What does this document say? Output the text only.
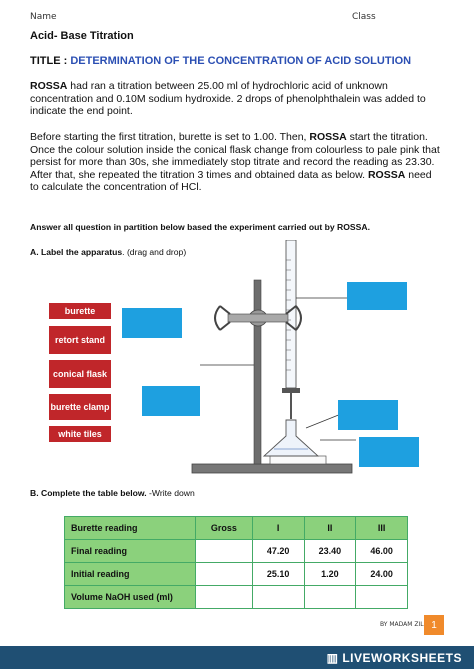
Name	Class
Acid- Base Titration
TITLE : DETERMINATION OF THE CONCENTRATION OF ACID SOLUTION
ROSSA had ran a titration between 25.00 ml of hydrochloric acid of unknown concentration and 0.10M sodium hydroxide. 2 drops of phenolphthalein was added to indicate the end point.
Before starting the first titration, burette is set to 1.00. Then, ROSSA start the titration. Once the colour solution inside the conical flask change from colourless to pale pink that persist for more than 30s, she immediately stop titrate and record the reading as 23.30. After that, she repeated the titration 3 times and obtained data as below. ROSSA need to calculate the concentration of HCl.
Answer all question in partition below based the experiment carried out by ROSSA.
A. Label the apparatus. (drag and drop)
burette
retort stand
conical flask
burette clamp
white tiles
B. Complete the table below. -Write down
Burette reading	Gross	I	II	III
Final reading		47.20	23.40	46.00
Initial reading		25.10	1.20	24.00
Volume NaOH used (ml)				
BY MADAM ZIL 1
▥ LIVEWORKSHEETS
